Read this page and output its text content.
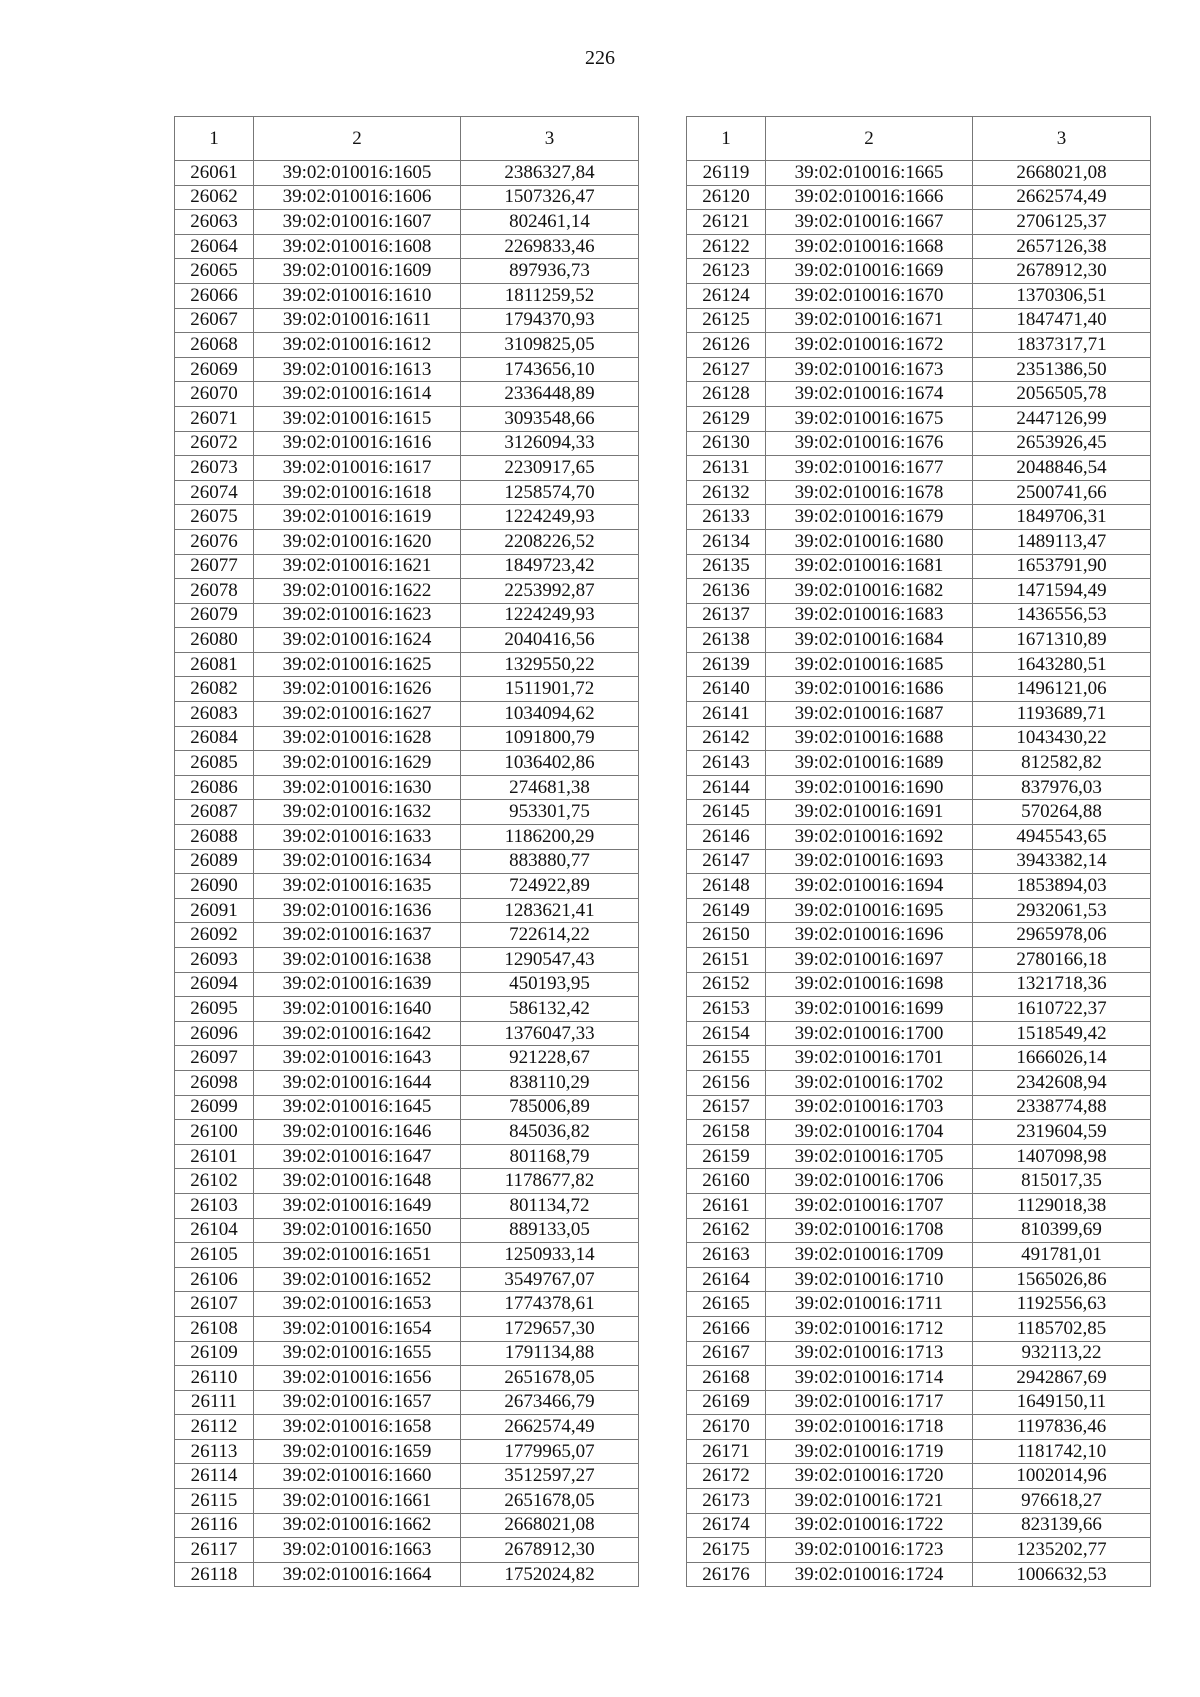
226
1	2	3
26061	39:02:010016:1605	2386327,84
26062	39:02:010016:1606	1507326,47
26063	39:02:010016:1607	802461,14
26064	39:02:010016:1608	2269833,46
26065	39:02:010016:1609	897936,73
26066	39:02:010016:1610	1811259,52
26067	39:02:010016:1611	1794370,93
26068	39:02:010016:1612	3109825,05
26069	39:02:010016:1613	1743656,10
26070	39:02:010016:1614	2336448,89
26071	39:02:010016:1615	3093548,66
26072	39:02:010016:1616	3126094,33
26073	39:02:010016:1617	2230917,65
26074	39:02:010016:1618	1258574,70
26075	39:02:010016:1619	1224249,93
26076	39:02:010016:1620	2208226,52
26077	39:02:010016:1621	1849723,42
26078	39:02:010016:1622	2253992,87
26079	39:02:010016:1623	1224249,93
26080	39:02:010016:1624	2040416,56
26081	39:02:010016:1625	1329550,22
26082	39:02:010016:1626	1511901,72
26083	39:02:010016:1627	1034094,62
26084	39:02:010016:1628	1091800,79
26085	39:02:010016:1629	1036402,86
26086	39:02:010016:1630	274681,38
26087	39:02:010016:1632	953301,75
26088	39:02:010016:1633	1186200,29
26089	39:02:010016:1634	883880,77
26090	39:02:010016:1635	724922,89
26091	39:02:010016:1636	1283621,41
26092	39:02:010016:1637	722614,22
26093	39:02:010016:1638	1290547,43
26094	39:02:010016:1639	450193,95
26095	39:02:010016:1640	586132,42
26096	39:02:010016:1642	1376047,33
26097	39:02:010016:1643	921228,67
26098	39:02:010016:1644	838110,29
26099	39:02:010016:1645	785006,89
26100	39:02:010016:1646	845036,82
26101	39:02:010016:1647	801168,79
26102	39:02:010016:1648	1178677,82
26103	39:02:010016:1649	801134,72
26104	39:02:010016:1650	889133,05
26105	39:02:010016:1651	1250933,14
26106	39:02:010016:1652	3549767,07
26107	39:02:010016:1653	1774378,61
26108	39:02:010016:1654	1729657,30
26109	39:02:010016:1655	1791134,88
26110	39:02:010016:1656	2651678,05
26111	39:02:010016:1657	2673466,79
26112	39:02:010016:1658	2662574,49
26113	39:02:010016:1659	1779965,07
26114	39:02:010016:1660	3512597,27
26115	39:02:010016:1661	2651678,05
26116	39:02:010016:1662	2668021,08
26117	39:02:010016:1663	2678912,30
26118	39:02:010016:1664	1752024,82
1	2	3
26119	39:02:010016:1665	2668021,08
26120	39:02:010016:1666	2662574,49
26121	39:02:010016:1667	2706125,37
26122	39:02:010016:1668	2657126,38
26123	39:02:010016:1669	2678912,30
26124	39:02:010016:1670	1370306,51
26125	39:02:010016:1671	1847471,40
26126	39:02:010016:1672	1837317,71
26127	39:02:010016:1673	2351386,50
26128	39:02:010016:1674	2056505,78
26129	39:02:010016:1675	2447126,99
26130	39:02:010016:1676	2653926,45
26131	39:02:010016:1677	2048846,54
26132	39:02:010016:1678	2500741,66
26133	39:02:010016:1679	1849706,31
26134	39:02:010016:1680	1489113,47
26135	39:02:010016:1681	1653791,90
26136	39:02:010016:1682	1471594,49
26137	39:02:010016:1683	1436556,53
26138	39:02:010016:1684	1671310,89
26139	39:02:010016:1685	1643280,51
26140	39:02:010016:1686	1496121,06
26141	39:02:010016:1687	1193689,71
26142	39:02:010016:1688	1043430,22
26143	39:02:010016:1689	812582,82
26144	39:02:010016:1690	837976,03
26145	39:02:010016:1691	570264,88
26146	39:02:010016:1692	4945543,65
26147	39:02:010016:1693	3943382,14
26148	39:02:010016:1694	1853894,03
26149	39:02:010016:1695	2932061,53
26150	39:02:010016:1696	2965978,06
26151	39:02:010016:1697	2780166,18
26152	39:02:010016:1698	1321718,36
26153	39:02:010016:1699	1610722,37
26154	39:02:010016:1700	1518549,42
26155	39:02:010016:1701	1666026,14
26156	39:02:010016:1702	2342608,94
26157	39:02:010016:1703	2338774,88
26158	39:02:010016:1704	2319604,59
26159	39:02:010016:1705	1407098,98
26160	39:02:010016:1706	815017,35
26161	39:02:010016:1707	1129018,38
26162	39:02:010016:1708	810399,69
26163	39:02:010016:1709	491781,01
26164	39:02:010016:1710	1565026,86
26165	39:02:010016:1711	1192556,63
26166	39:02:010016:1712	1185702,85
26167	39:02:010016:1713	932113,22
26168	39:02:010016:1714	2942867,69
26169	39:02:010016:1717	1649150,11
26170	39:02:010016:1718	1197836,46
26171	39:02:010016:1719	1181742,10
26172	39:02:010016:1720	1002014,96
26173	39:02:010016:1721	976618,27
26174	39:02:010016:1722	823139,66
26175	39:02:010016:1723	1235202,77
26176	39:02:010016:1724	1006632,53
